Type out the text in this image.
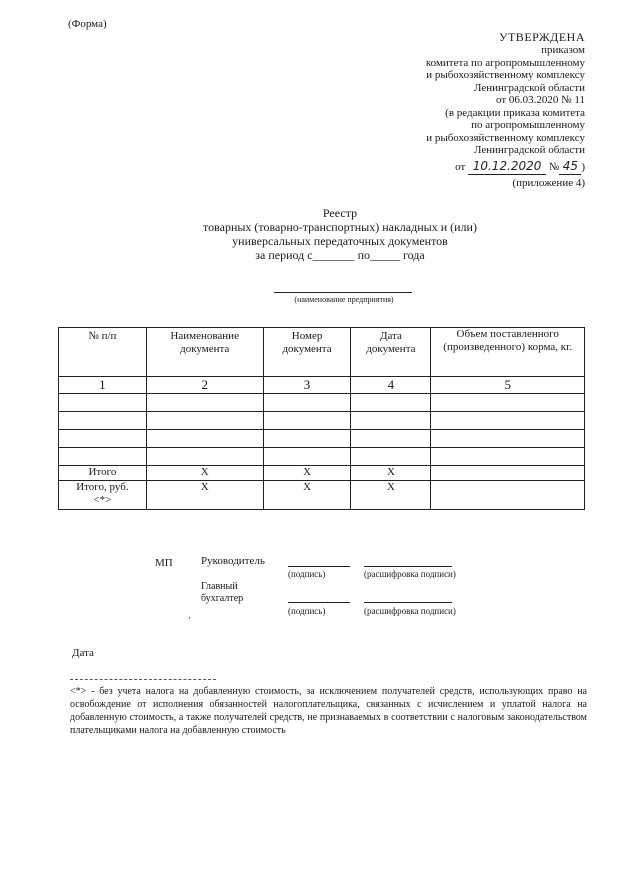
(Форма)
УТВЕРЖДЕНА
приказом
комитета по агропромышленному
и рыбохозяйственному комплексу
Ленинградской области
от 06.03.2020 № 11
(в редакции приказа комитета
по агропромышленному
и рыбохозяйственному комплексу
Ленинградской области
от 10.12.2020 № 45 )
(приложение 4)
Реестр
товарных (товарно-транспортных) накладных и (или)
универсальных передаточных документов
за период с_______ по_____ года
(наименование предприятия)
№ п/п	Наименование документа	Номер документа	Дата документа	Объем поставленного (произведенного) корма, кг.
1	2	3	4	5

Итого	Х	Х	Х	
Итого, руб. <*>	Х	Х	Х	
МП	Руководитель
(подпись)	(расшифровка подписи)
Главный
бухгалтер
(подпись)	(расшифровка подписи)
‚
Дата
<*> - без учета налога на добавленную стоимость, за исключением получателей средств, использующих право на освобождение от исполнения обязанностей налогоплательщика, связанных с исчислением и уплатой налога на добавленную стоимость, а также получателей средств, не признаваемых в соответствии с налоговым законодательством плательщиками налога на добавленную стоимость
